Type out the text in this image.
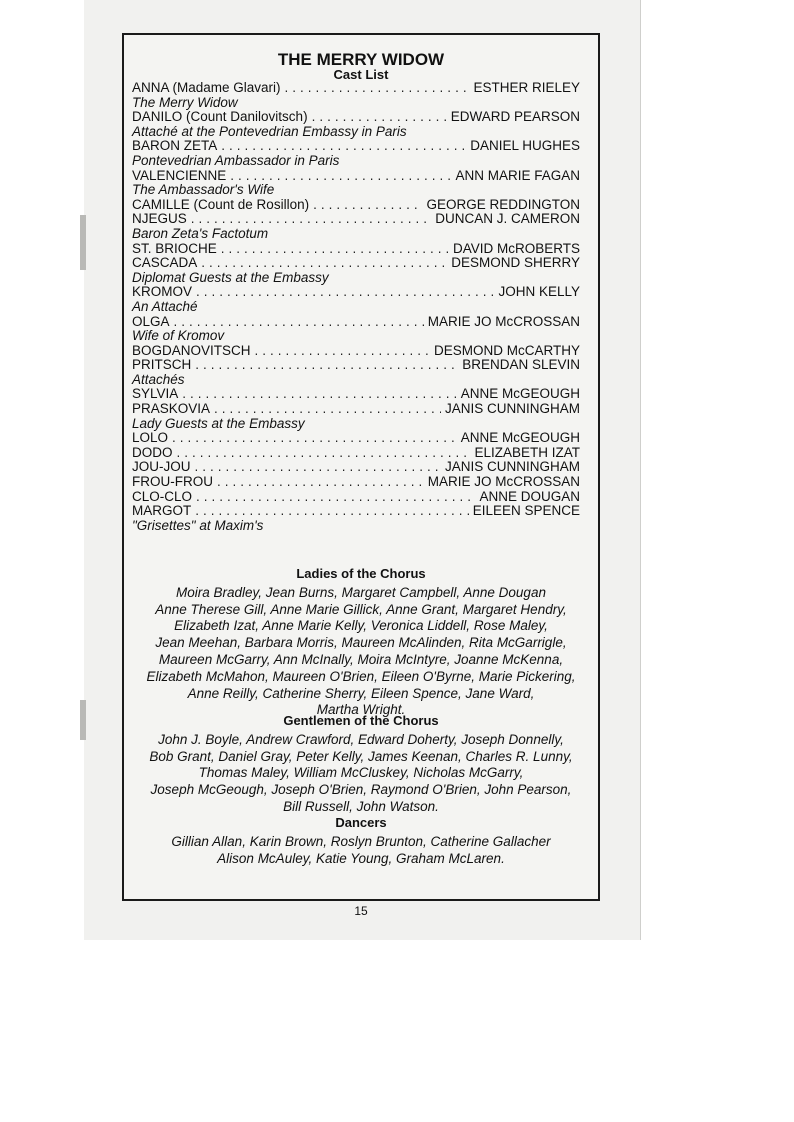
THE MERRY WIDOW
Cast List
ANNA (Madame Glavari) .....	ESTHER RIELEY
The Merry Widow
DANILO (Count Danilovitsch) .....	EDWARD PEARSON
Attaché at the Pontevedrian Embassy in Paris
BARON ZETA .....	DANIEL HUGHES
Pontevedrian Ambassador in Paris
VALENCIENNE .....	ANN MARIE FAGAN
The Ambassador's Wife
CAMILLE (Count de Rosillon) .....	GEORGE REDDINGTON
NJEGUS .....	DUNCAN J. CAMERON
Baron Zeta's Factotum
ST. BRIOCHE .....	DAVID McROBERTS
CASCADA .....	DESMOND SHERRY
Diplomat Guests at the Embassy
KROMOV .....	JOHN KELLY
An Attaché
OLGA .....	MARIE JO McCROSSAN
Wife of Kromov
BOGDANOVITSCH .....	DESMOND McCARTHY
PRITSCH .....	BRENDAN SLEVIN
Attachés
SYLVIA .....	ANNE McGEOUGH
PRASKOVIA .....	JANIS CUNNINGHAM
Lady Guests at the Embassy
LOLO .....	ANNE McGEOUGH
DODO .....	ELIZABETH IZAT
JOU-JOU .....	JANIS CUNNINGHAM
FROU-FROU .....	MARIE JO McCROSSAN
CLO-CLO .....	ANNE DOUGAN
MARGOT .....	EILEEN SPENCE
"Grisettes" at Maxim's
Ladies of the Chorus

Moira Bradley, Jean Burns, Margaret Campbell, Anne Dougan

Anne Therese Gill, Anne Marie Gillick, Anne Grant, Margaret Hendry,

Elizabeth Izat, Anne Marie Kelly, Veronica Liddell, Rose Maley,

Jean Meehan, Barbara Morris, Maureen McAlinden, Rita McGarrigle,

Maureen McGarry, Ann McInally, Moira McIntyre, Joanne McKenna,

Elizabeth McMahon, Maureen O'Brien, Eileen O'Byrne, Marie Pickering,

Anne Reilly, Catherine Sherry, Eileen Spence, Jane Ward,

Martha Wright.

Gentlemen of the Chorus

John J. Boyle, Andrew Crawford, Edward Doherty, Joseph Donnelly,

Bob Grant, Daniel Gray, Peter Kelly, James Keenan, Charles R. Lunny,

Thomas Maley, William McCluskey, Nicholas McGarry,

Joseph McGeough, Joseph O'Brien, Raymond O'Brien, John Pearson,

Bill Russell, John Watson.

Dancers

Gillian Allan, Karin Brown, Roslyn Brunton, Catherine Gallacher

Alison McAuley, Katie Young, Graham McLaren.

15
